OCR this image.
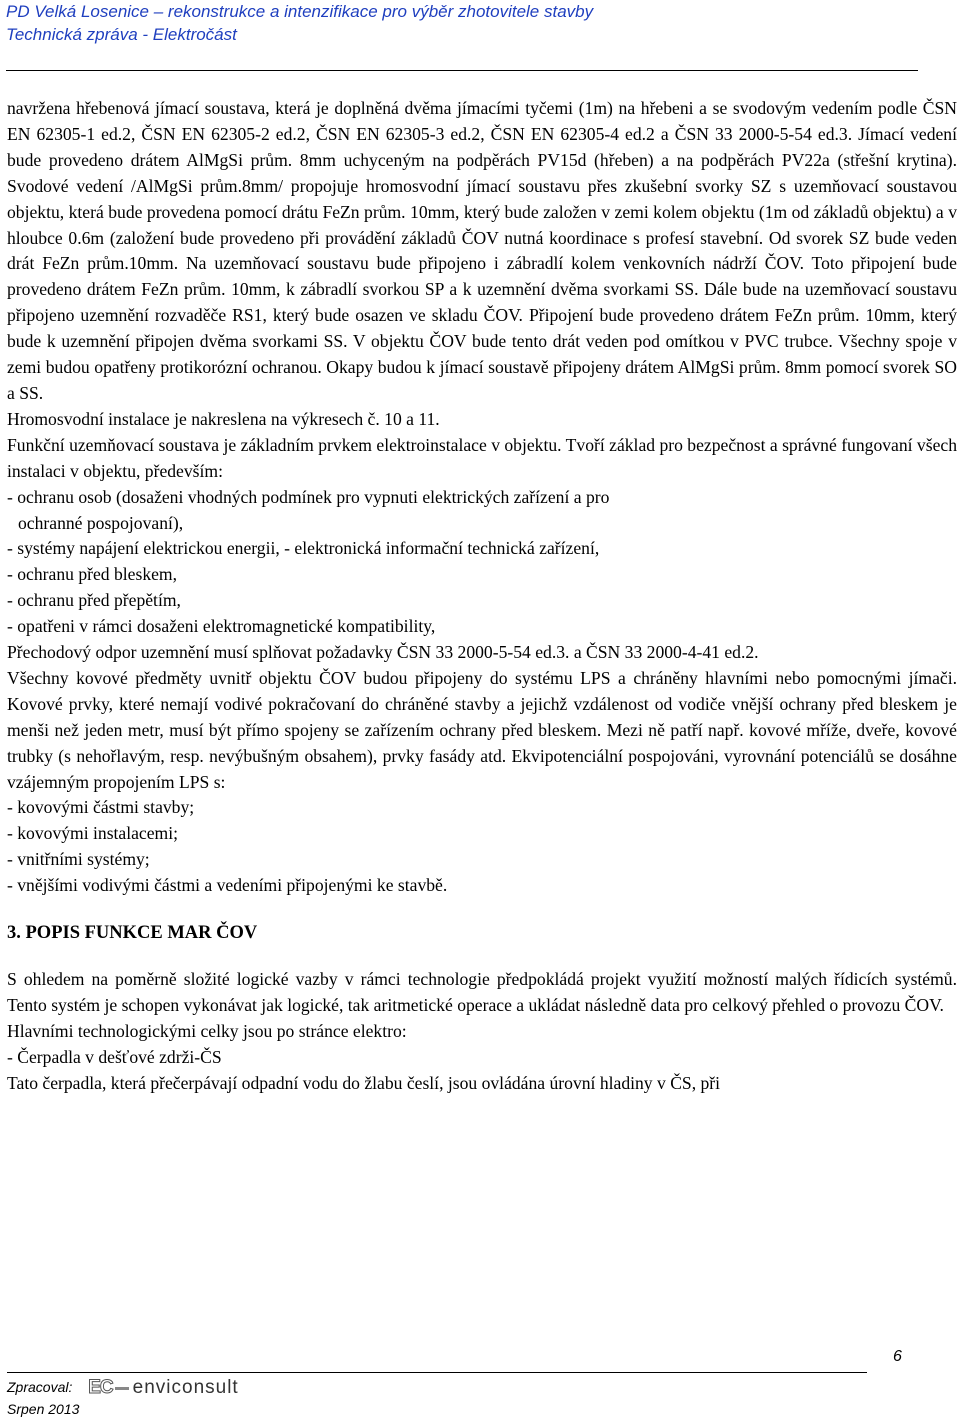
PD Velká Losenice – rekonstrukce a intenzifikace pro výběr zhotovitele stavby
Technická zpráva - Elektročást

navržena hřebenová jímací soustava, která je doplněná dvěma jímacími tyčemi (1m) na hřebeni a se svodovým vedením podle ČSN EN 62305-1 ed.2, ČSN EN 62305-2 ed.2, ČSN EN 62305-3 ed.2, ČSN EN 62305-4 ed.2 a ČSN 33 2000-5-54 ed.3. Jímací vedení bude provedeno drátem AlMgSi prům. 8mm uchyceným na podpěrách PV15d (hřeben) a na podpěrách PV22a (střešní krytina). Svodové vedení /AlMgSi prům.8mm/ propojuje hromosvodní jímací soustavu přes zkušební svorky SZ s uzemňovací soustavou objektu, která bude provedena pomocí drátu FeZn prům. 10mm, který bude založen v zemi kolem objektu (1m od základů objektu) a v hloubce 0.6m (založení bude provedeno při provádění základů ČOV nutná koordinace s profesí stavební. Od svorek SZ bude veden drát FeZn prům.10mm. Na uzemňovací soustavu bude připojeno i zábradlí kolem venkovních nádrží ČOV. Toto připojení bude provedeno drátem FeZn prům. 10mm, k zábradlí svorkou SP a k uzemnění dvěma svorkami SS. Dále bude na uzemňovací soustavu připojeno uzemnění rozvaděče RS1, který bude osazen ve skladu ČOV. Připojení bude provedeno drátem FeZn prům. 10mm, který bude k uzemnění připojen dvěma svorkami SS. V objektu ČOV bude tento drát veden pod omítkou v PVC trubce. Všechny spoje v zemi budou opatřeny protikorózní ochranou. Okapy budou k jímací soustavě připojeny drátem AlMgSi prům. 8mm pomocí svorek SO a SS.

Hromosvodní instalace je nakreslena na výkresech č. 10 a 11.

Funkční uzemňovací soustava je základním prvkem elektroinstalace v objektu. Tvoří základ pro bezpečnost a správné fungovaní všech instalaci v objektu, především:

- ochranu osob (dosaženi vhodných podmínek pro vypnuti elektrických zařízení a pro

ochranné pospojovaní),

- systémy napájení elektrickou energii, - elektronická informační technická zařízení,

- ochranu před bleskem,

- ochranu před přepětím,

- opatřeni v rámci dosaženi elektromagnetické kompatibility,

Přechodový odpor uzemnění musí splňovat požadavky ČSN 33 2000-5-54 ed.3. a ČSN 33 2000-4-41 ed.2.

Všechny kovové předměty uvnitř objektu ČOV budou připojeny do systému LPS a chráněny hlavními nebo pomocnými jímači. Kovové prvky, které nemají vodivé pokračovaní do chráněné stavby a jejichž vzdálenost od vodiče vnější ochrany před bleskem je menši než jeden metr, musí být přímo spojeny se zařízením ochrany před bleskem. Mezi ně patří např. kovové mříže, dveře, kovové trubky (s nehořlavým, resp. nevýbušným obsahem), prvky fasády atd. Ekvipotenciální pospojováni, vyrovnání potenciálů se dosáhne vzájemným propojením LPS s:

- kovovými částmi stavby;

- kovovými instalacemi;

- vnitřními systémy;

- vnějšími vodivými částmi a vedeními připojenými ke stavbě.

3. POPIS FUNKCE MAR ČOV

S ohledem na poměrně složité logické vazby v rámci technologie předpokládá projekt využití možností malých řídicích systémů. Tento systém je schopen vykonávat jak logické, tak aritmetické operace a ukládat následně data pro celkový přehled o provozu ČOV.

Hlavními technologickými celky jsou po stránce elektro:

- Čerpadla v dešťové zdrži-ČS

Tato čerpadla, která přečerpávají odpadní vodu do žlabu česlí, jsou ovládána úrovní hladiny v ČS, při

6
Zpracoval: EC enviconsult
Srpen 2013
